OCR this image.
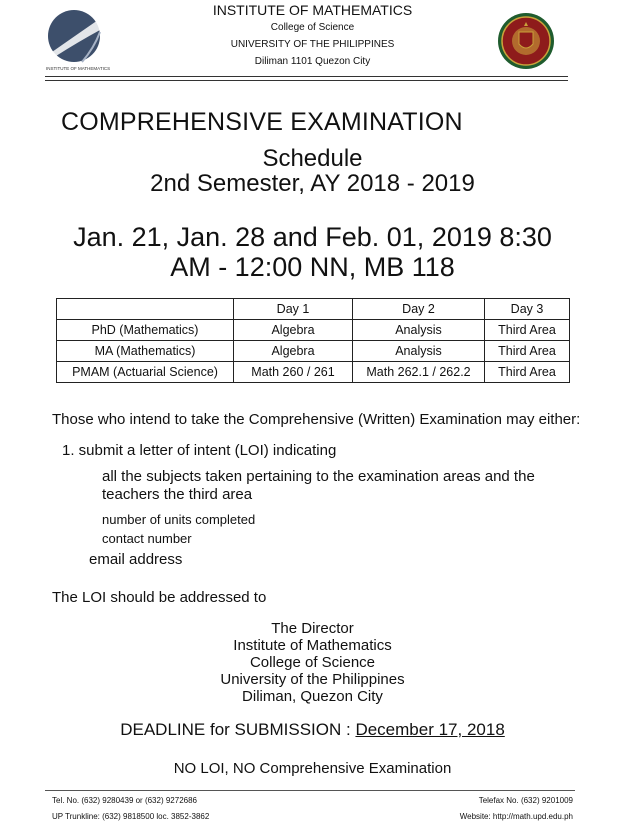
INSTITUTE OF MATHEMATICS
INSTITUTE OF MATHEMATICS
College of Science
UNIVERSITY OF THE PHILIPPINES
Diliman 1101 Quezon City
COMPREHENSIVE EXAMINATION
Schedule
2nd Semester, AY 2018 - 2019
Jan. 21, Jan. 28 and Feb. 01, 2019 8:30 AM - 12:00 NN, MB 118
	Day 1	Day 2	Day 3
PhD (Mathematics)	Algebra	Analysis	Third Area
MA (Mathematics)	Algebra	Analysis	Third Area
PMAM (Actuarial Science)	Math 260 / 261	Math 262.1 / 262.2	Third Area
Those who intend to take the Comprehensive (Written) Examination may either:
1. submit a letter of intent (LOI) indicating
all the subjects taken pertaining to the examination areas and the teachers the third area
number of units completed
contact number
email address
The LOI should be addressed to
The Director
Institute of Mathematics
College of Science
University of the Philippines
Diliman, Quezon City
DEADLINE for SUBMISSION : December 17, 2018
NO LOI, NO Comprehensive Examination
Tel. No. (632) 9280439 or (632) 9272686
UP Trunkline: (632) 9818500 loc. 3852-3862
Telefax No. (632) 9201009
Website: http://math.upd.edu.ph
